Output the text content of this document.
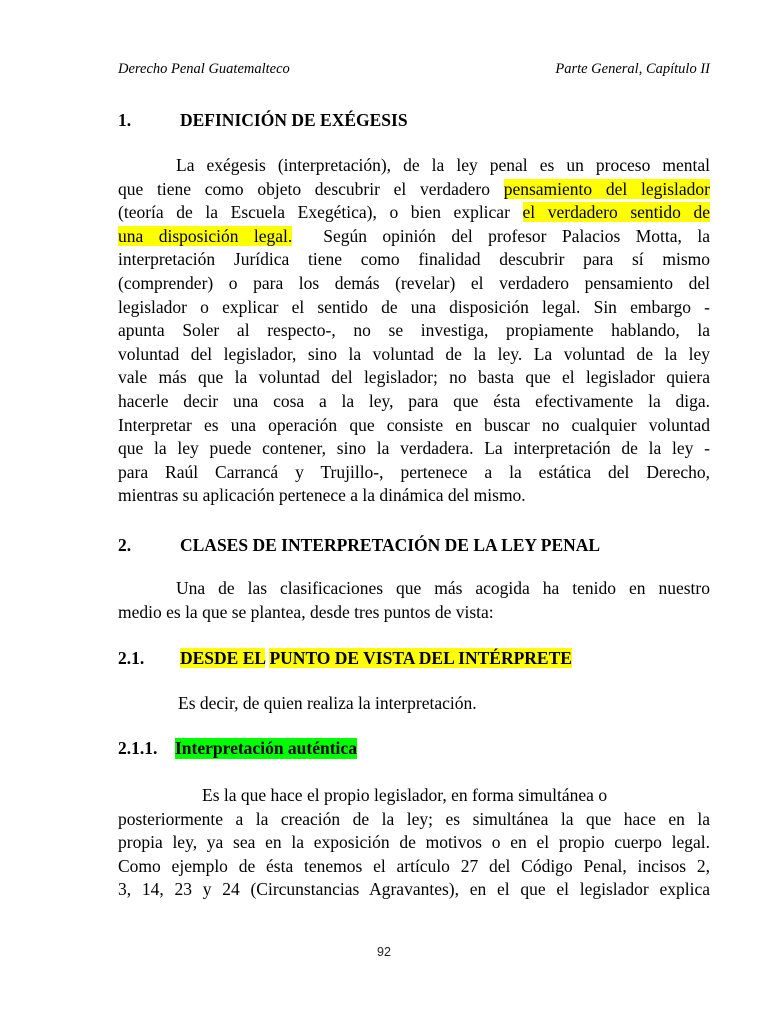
Derecho Penal Guatemalteco	Parte General, Capítulo II
1.	DEFINICIÓN DE EXÉGESIS
La exégesis (interpretación), de la ley penal es un proceso mental
que tiene como objeto descubrir el verdadero pensamiento del legislador
(teoría de la Escuela Exegética), o bien explicar el verdadero sentido de
una disposición legal.  Según opinión del profesor Palacios Motta, la
interpretación Jurídica tiene como finalidad descubrir para sí mismo
(comprender) o para los demás (revelar) el verdadero pensamiento del
legislador o explicar el sentido de una disposición legal. Sin embargo -
apunta Soler al respecto-, no se investiga, propiamente hablando, la
voluntad del legislador, sino la voluntad de la ley. La voluntad de la ley
vale más que la voluntad del legislador; no basta que el legislador quiera
hacerle decir una cosa a la ley, para que ésta efectivamente la diga.
Interpretar es una operación que consiste en buscar no cualquier voluntad
que la ley puede contener, sino la verdadera. La interpretación de la ley -
para Raúl Carrancá y Trujillo-, pertenece a la estática del Derecho,
mientras su aplicación pertenece a la dinámica del mismo.
2.	CLASES DE INTERPRETACIÓN DE LA LEY PENAL
Una de las clasificaciones que más acogida ha tenido en nuestro
medio es la que se plantea, desde tres puntos de vista:
2.1. DESDE EL PUNTO DE VISTA DEL INTÉRPRETE
Es decir, de quien realiza la interpretación.
2.1.1. Interpretación auténtica
Es la que hace el propio legislador, en forma simultánea o
posteriormente a la creación de la ley; es simultánea la que hace en la
propia ley, ya sea en la exposición de motivos o en el propio cuerpo legal.
Como ejemplo de ésta tenemos el artículo 27 del Código Penal, incisos 2,
3, 14, 23 y 24 (Circunstancias Agravantes), en el que el legislador explica
92
